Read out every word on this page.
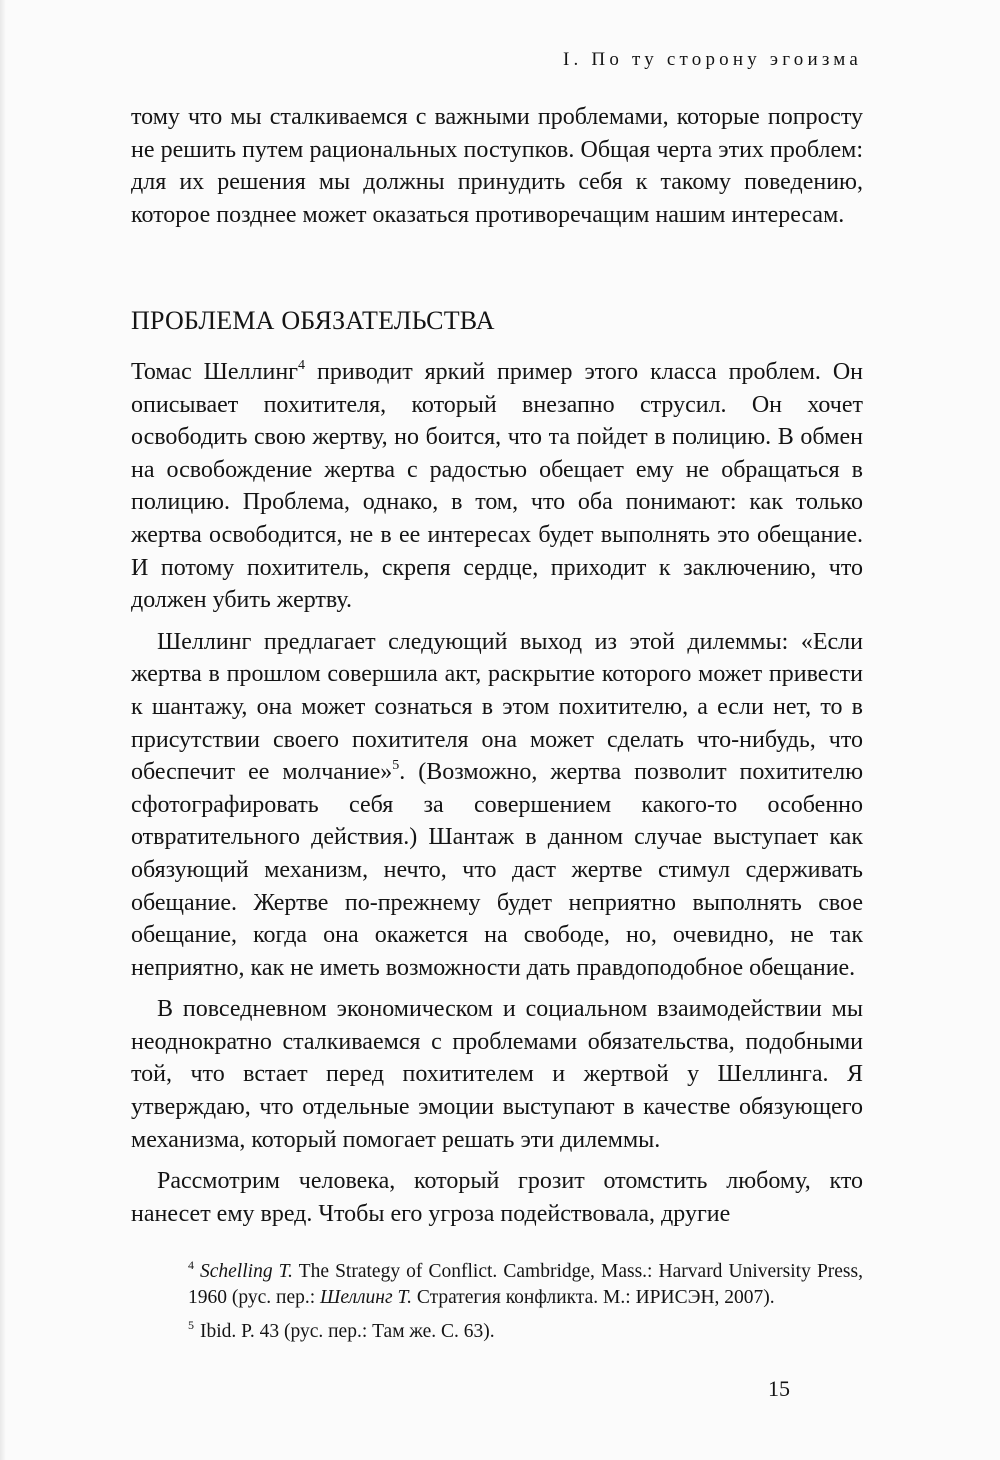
I. По ту сторону эгоизма

тому что мы сталкиваемся с важными проблемами, которые попросту не решить путем рациональных поступков. Общая черта этих проблем: для их решения мы должны принудить себя к такому поведению, которое позднее может оказаться противоречащим нашим интересам.

ПРОБЛЕМА ОБЯЗАТЕЛЬСТВА

Томас Шеллинг$^4$ приводит яркий пример этого класса проблем. Он описывает похитителя, который внезапно струсил. Он хочет освободить свою жертву, но боится, что та пойдет в полицию. В обмен на освобождение жертва с радостью обещает ему не обращаться в полицию. Проблема, однако, в том, что оба понимают: как только жертва освободится, не в ее интересах будет выполнять это обещание. И потому похититель, скрепя сердце, приходит к заключению, что должен убить жертву.

Шеллинг предлагает следующий выход из этой дилеммы: «Если жертва в прошлом совершила акт, раскрытие которого может привести к шантажу, она может сознаться в этом похитителю, а если нет, то в присутствии своего похитителя она может сделать что-нибудь, что обеспечит ее молчание»$^5$. (Возможно, жертва позволит похитителю сфотографировать себя за совершением какого-то особенно отвратительного действия.) Шантаж в данном случае выступает как обязующий механизм, нечто, что даст жертве стимул сдерживать обещание. Жертве по-прежнему будет неприятно выполнять свое обещание, когда она окажется на свободе, но, очевидно, не так неприятно, как не иметь возможности дать правдоподобное обещание.

В повседневном экономическом и социальном взаимодействии мы неоднократно сталкиваемся с проблемами обязательства, подобными той, что встает перед похитителем и жертвой у Шеллинга. Я утверждаю, что отдельные эмоции выступают в качестве обязующего механизма, который помогает решать эти дилеммы.

Рассмотрим человека, который грозит отомстить любому, кто нанесет ему вред. Чтобы его угроза подействовала, другие

$^4$ Schelling T. The Strategy of Conflict. Cambridge, Mass.: Harvard University Press, 1960 (рус. пер.: Шеллинг Т. Стратегия конфликта. М.: ИРИСЭН, 2007).

$^5$ Ibid. P. 43 (рус. пер.: Там же. С. 63).

15
